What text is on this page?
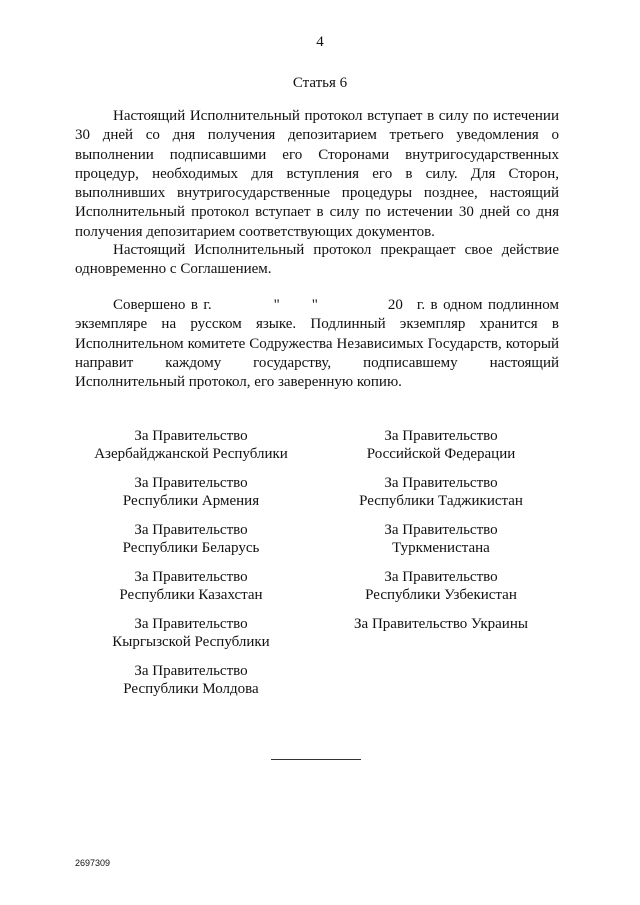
4
Статья 6

Настоящий Исполнительный протокол вступает в силу по истечении 30 дней со дня получения депозитарием третьего уведомления о выполнении подписавшими его Сторонами внутригосударственных процедур, необходимых для вступления его в силу. Для Сторон, выполнивших внутригосударственные процедуры позднее, настоящий Исполнительный протокол вступает в силу по истечении 30 дней со дня получения депозитарием соответствующих документов.

Настоящий Исполнительный протокол прекращает свое действие одновременно с Соглашением.

Совершено в г.	" "	20 г. в одном подлинном экземпляре на русском языке. Подлинный экземпляр хранится в Исполнительном комитете Содружества Независимых Государств, который направит каждому государству, подписавшему настоящий Исполнительный протокол, его заверенную копию.

За Правительство
Азербайджанской Республики
За Правительство
Республики Армения
За Правительство
Республики Беларусь
За Правительство
Республики Казахстан
За Правительство
Кыргызской Республики
За Правительство
Республики Молдова
За Правительство
Российской Федерации
За Правительство
Республики Таджикистан
За Правительство
Туркменистана
За Правительство
Республики Узбекистан
За Правительство Украины
2697309
